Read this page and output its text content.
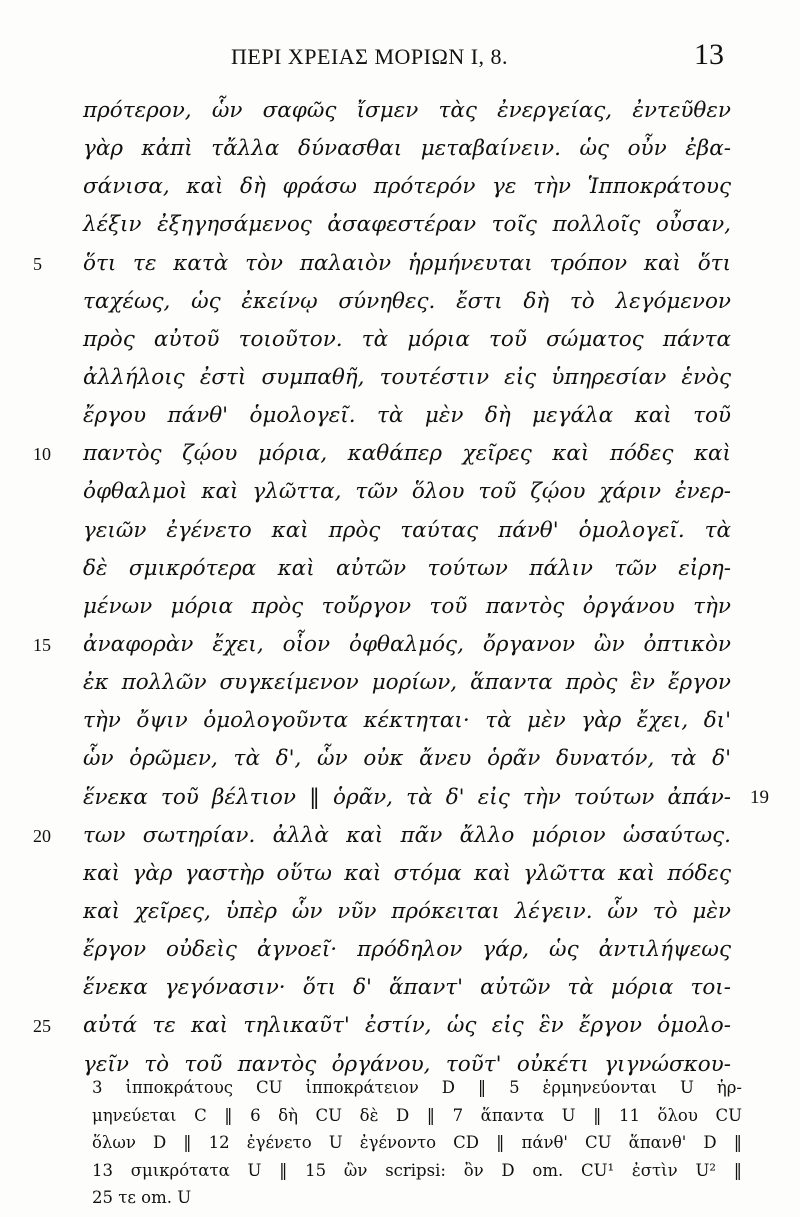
ΠΕΡΙ ΧΡΕΙΑΣ ΜΟΡΙΩΝ Ι, 8.	13
πρότερον, ὧν σαφῶς ἴσμεν τὰς ἐνεργείας, ἐντεῦθεν
γὰρ κἀπὶ τἄλλα δύνασθαι μεταβαίνειν. ὡς οὖν ἐβα-
σάνισα, καὶ δὴ φράσω πρότερόν γε τὴν Ἱπποκράτους
λέξιν ἐξηγησάμενος ἀσαφεστέραν τοῖς πολλοῖς οὖσαν,
5	ὅτι τε κατὰ τὸν παλαιὸν ἡρμήνευται τρόπον καὶ ὅτι
ταχέως, ὡς ἐκείνῳ σύνηθες. ἔστι δὴ τὸ λεγόμενον
πρὸς αὐτοῦ τοιοῦτον. τὰ μόρια τοῦ σώματος πάντα
ἀλλήλοις ἐστὶ συμπαθῆ, τουτέστιν εἰς ὑπηρεσίαν ἑνὸς
ἔργου πάνθ' ὁμολογεῖ. τὰ μὲν δὴ μεγάλα καὶ τοῦ
10	παντὸς ζῴου μόρια, καθάπερ χεῖρες καὶ πόδες καὶ
ὀφθαλμοὶ καὶ γλῶττα, τῶν ὅλου τοῦ ζῴου χάριν ἐνερ-
γειῶν ἐγένετο καὶ πρὸς ταύτας πάνθ' ὁμολογεῖ. τὰ
δὲ σμικρότερα καὶ αὐτῶν τούτων πάλιν τῶν εἰρη-
μένων μόρια πρὸς τοὔργον τοῦ παντὸς ὀργάνου τὴν
15	ἀναφορὰν ἔχει, οἷον ὀφθαλμός, ὄργανον ὢν ὀπτικὸν
ἐκ πολλῶν συγκείμενον μορίων, ἅπαντα πρὸς ἓν ἔργον
τὴν ὄψιν ὁμολογοῦντα κέκτηται· τὰ μὲν γὰρ ἔχει, δι'
ὧν ὁρῶμεν, τὰ δ', ὧν οὐκ ἄνευ ὁρᾶν δυνατόν, τὰ δ'
ἕνεκα τοῦ βέλτιον ‖ ὁρᾶν, τὰ δ' εἰς τὴν τούτων ἀπάν- 19
20	των σωτηρίαν. ἀλλὰ καὶ πᾶν ἄλλο μόριον ὡσαύτως.
καὶ γὰρ γαστὴρ οὕτω καὶ στόμα καὶ γλῶττα καὶ πόδες
καὶ χεῖρες, ὑπὲρ ὧν νῦν πρόκειται λέγειν. ὧν τὸ μὲν
ἔργον οὐδεὶς ἀγνοεῖ· πρόδηλον γάρ, ὡς ἀντιλήψεως
ἕνεκα γεγόνασιν· ὅτι δ' ἅπαντ' αὐτῶν τὰ μόρια τοι-
25	αὐτά τε καὶ τηλικαῦτ' ἐστίν, ὡς εἰς ἓν ἔργον ὁμολο-
γεῖν τὸ τοῦ παντὸς ὀργάνου, τοῦτ' οὐκέτι γιγνώσκου-
3 ἱπποκράτους CU ἱπποκράτειον D ‖ 5 ἑρμηνεύονται U ἡρ-
μηνεύεται C ‖ 6 δὴ CU δὲ D ‖ 7 ἅπαντα U ‖ 11 ὅλου CU
ὅλων D ‖ 12 ἐγένετο U ἐγένοντο CD ‖ πάνθ' CU ἅπανθ' D ‖
13 σμικρότατα U ‖ 15 ὢν scripsi: ὂν D om. CU¹ ἐστὶν U² ‖
25 τε om. U
